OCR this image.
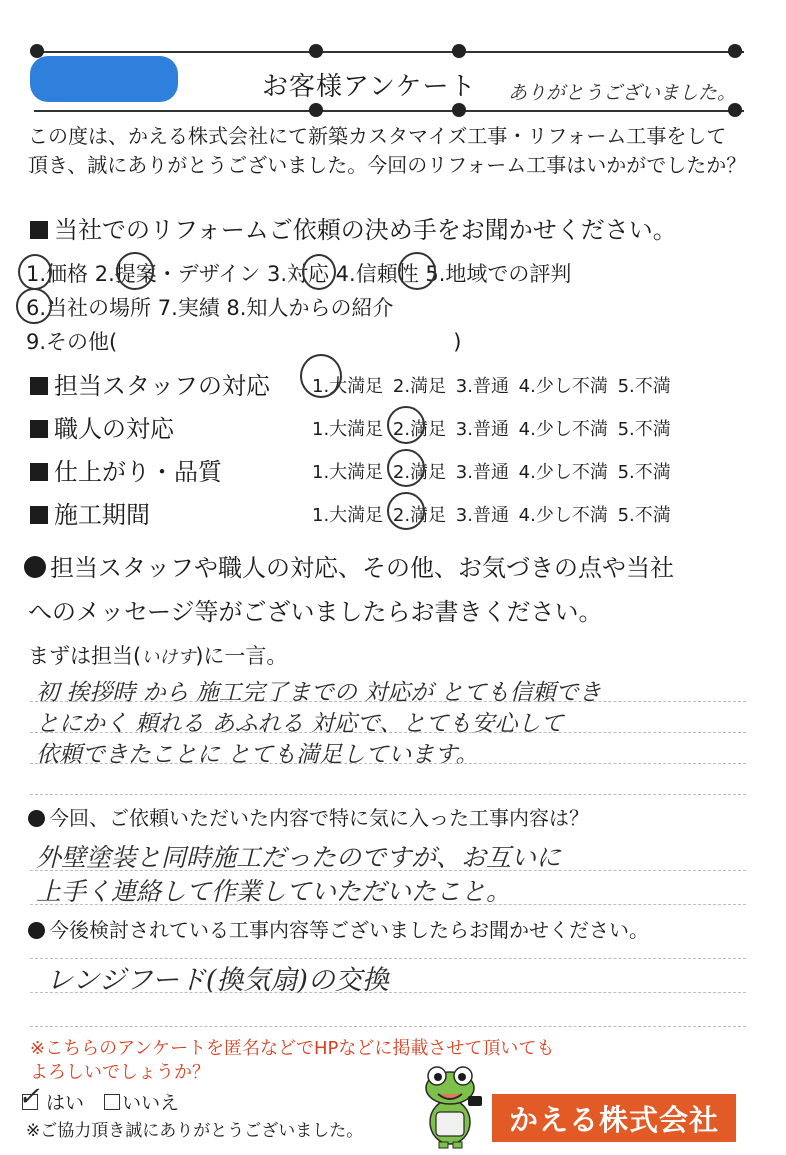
お客様アンケート ありがとうございました。
この度は、かえる株式会社にて新築カスタマイズ工事・リフォーム工事をして
頂き、誠にありがとうございました。今回のリフォーム工事はいかがでしたか？
当社でのリフォームご依頼の決め手をお聞かせください。
1.価格 2.提案・デザイン 3.対応 4.信頼性 5.地域での評判
6.当社の場所 7.実績 8.知人からの紹介
9.その他(　　　　　　　　　　　　　　　　)
担当スタッフの対応 1.大満足 2.満足 3.普通 4.少し不満 5.不満
職人の対応	1.大満足 2.満足 3.普通 4.少し不満 5.不満
仕上がり・品質	1.大満足 2.満足 3.普通 4.少し不満 5.不満
施工期間	1.大満足 2.満足 3.普通 4.少し不満 5.不満
担当スタッフや職人の対応、その他、お気づきの点や当社
へのメッセージ等がございましたらお書きください。
まずは担当(いけす)に一言。
初 挨拶時 から 施工完了までの 対応が とても信頼でき
とにかく 頼れる あふれる 対応で、とても安心して
依頼できたことに とても満足しています。
今回、ご依頼いただいた内容で特に気に入った工事内容は？
外壁塗装と同時施工だったのですが、お互いに
上手く連絡して作業していただいたこと。
今後検討されている工事内容等ございましたらお聞かせください。
レンジフード(換気扇)の交換
※こちらのアンケートを匿名などでHPなどに掲載させて頂いても
よろしいでしょうか？

✓ はい いいえ
※ご協力頂き誠にありがとうございました。	かえる株式会社
